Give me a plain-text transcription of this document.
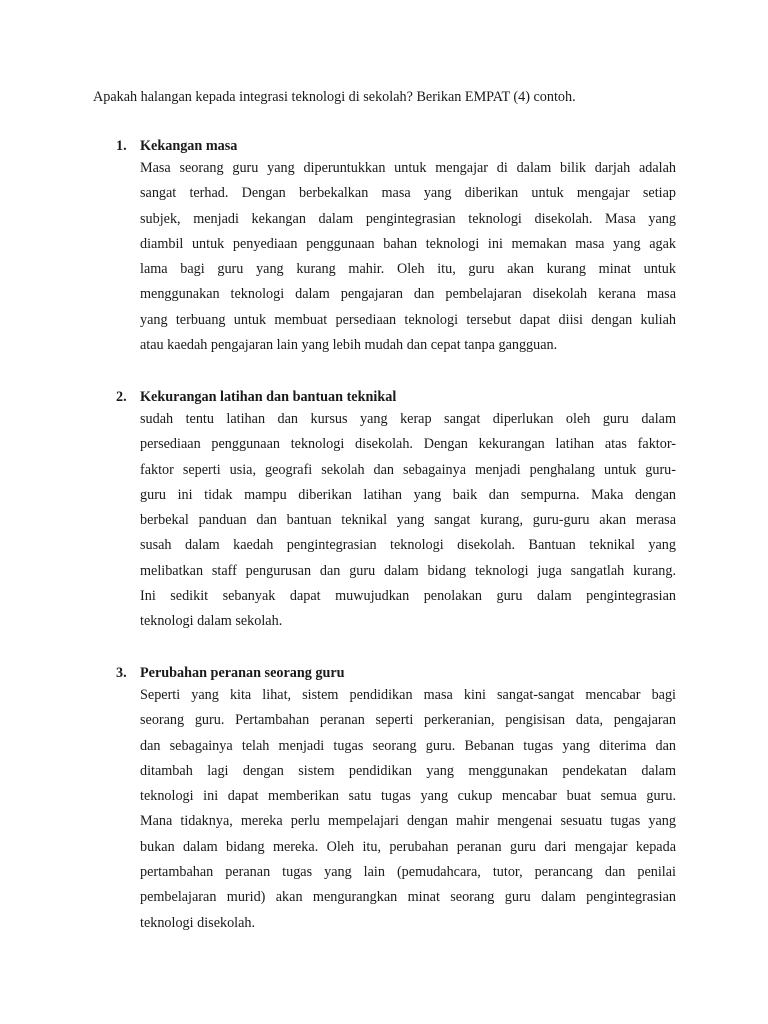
Apakah halangan kepada integrasi teknologi di sekolah? Berikan EMPAT (4) contoh.
1. Kekangan masa
Masa seorang guru yang diperuntukkan untuk mengajar di dalam bilik darjah adalah
sangat terhad. Dengan berbekalkan masa yang diberikan untuk mengajar setiap
subjek, menjadi kekangan dalam pengintegrasian teknologi disekolah. Masa yang
diambil untuk penyediaan penggunaan bahan teknologi ini memakan masa yang agak
lama bagi guru yang kurang mahir. Oleh itu, guru akan kurang minat untuk
menggunakan teknologi dalam pengajaran dan pembelajaran disekolah kerana masa
yang terbuang untuk membuat persediaan teknologi tersebut dapat diisi dengan kuliah
atau kaedah pengajaran lain yang lebih mudah dan cepat tanpa gangguan.
2. Kekurangan latihan dan bantuan teknikal
sudah tentu latihan dan kursus yang kerap sangat diperlukan oleh guru dalam
persediaan penggunaan teknologi disekolah. Dengan kekurangan latihan atas faktor-
faktor seperti usia, geografi sekolah dan sebagainya menjadi penghalang untuk guru-
guru ini tidak mampu diberikan latihan yang baik dan sempurna. Maka dengan
berbekal panduan dan bantuan teknikal yang sangat kurang, guru-guru akan merasa
susah dalam kaedah pengintegrasian teknologi disekolah. Bantuan teknikal yang
melibatkan staff pengurusan dan guru dalam bidang teknologi juga sangatlah kurang.
Ini sedikit sebanyak dapat muwujudkan penolakan guru dalam pengintegrasian
teknologi dalam sekolah.
3. Perubahan peranan seorang guru
Seperti yang kita lihat, sistem pendidikan masa kini sangat-sangat mencabar bagi
seorang guru. Pertambahan peranan seperti perkeranian, pengisisan data, pengajaran
dan sebagainya telah menjadi tugas seorang guru. Bebanan tugas yang diterima dan
ditambah lagi dengan sistem pendidikan yang menggunakan pendekatan dalam
teknologi ini dapat memberikan satu tugas yang cukup mencabar buat semua guru.
Mana tidaknya, mereka perlu mempelajari dengan mahir mengenai sesuatu tugas yang
bukan dalam bidang mereka. Oleh itu, perubahan peranan guru dari mengajar kepada
pertambahan peranan tugas yang lain (pemudahcara, tutor, perancang dan penilai
pembelajaran murid) akan mengurangkan minat seorang guru dalam pengintegrasian
teknologi disekolah.
